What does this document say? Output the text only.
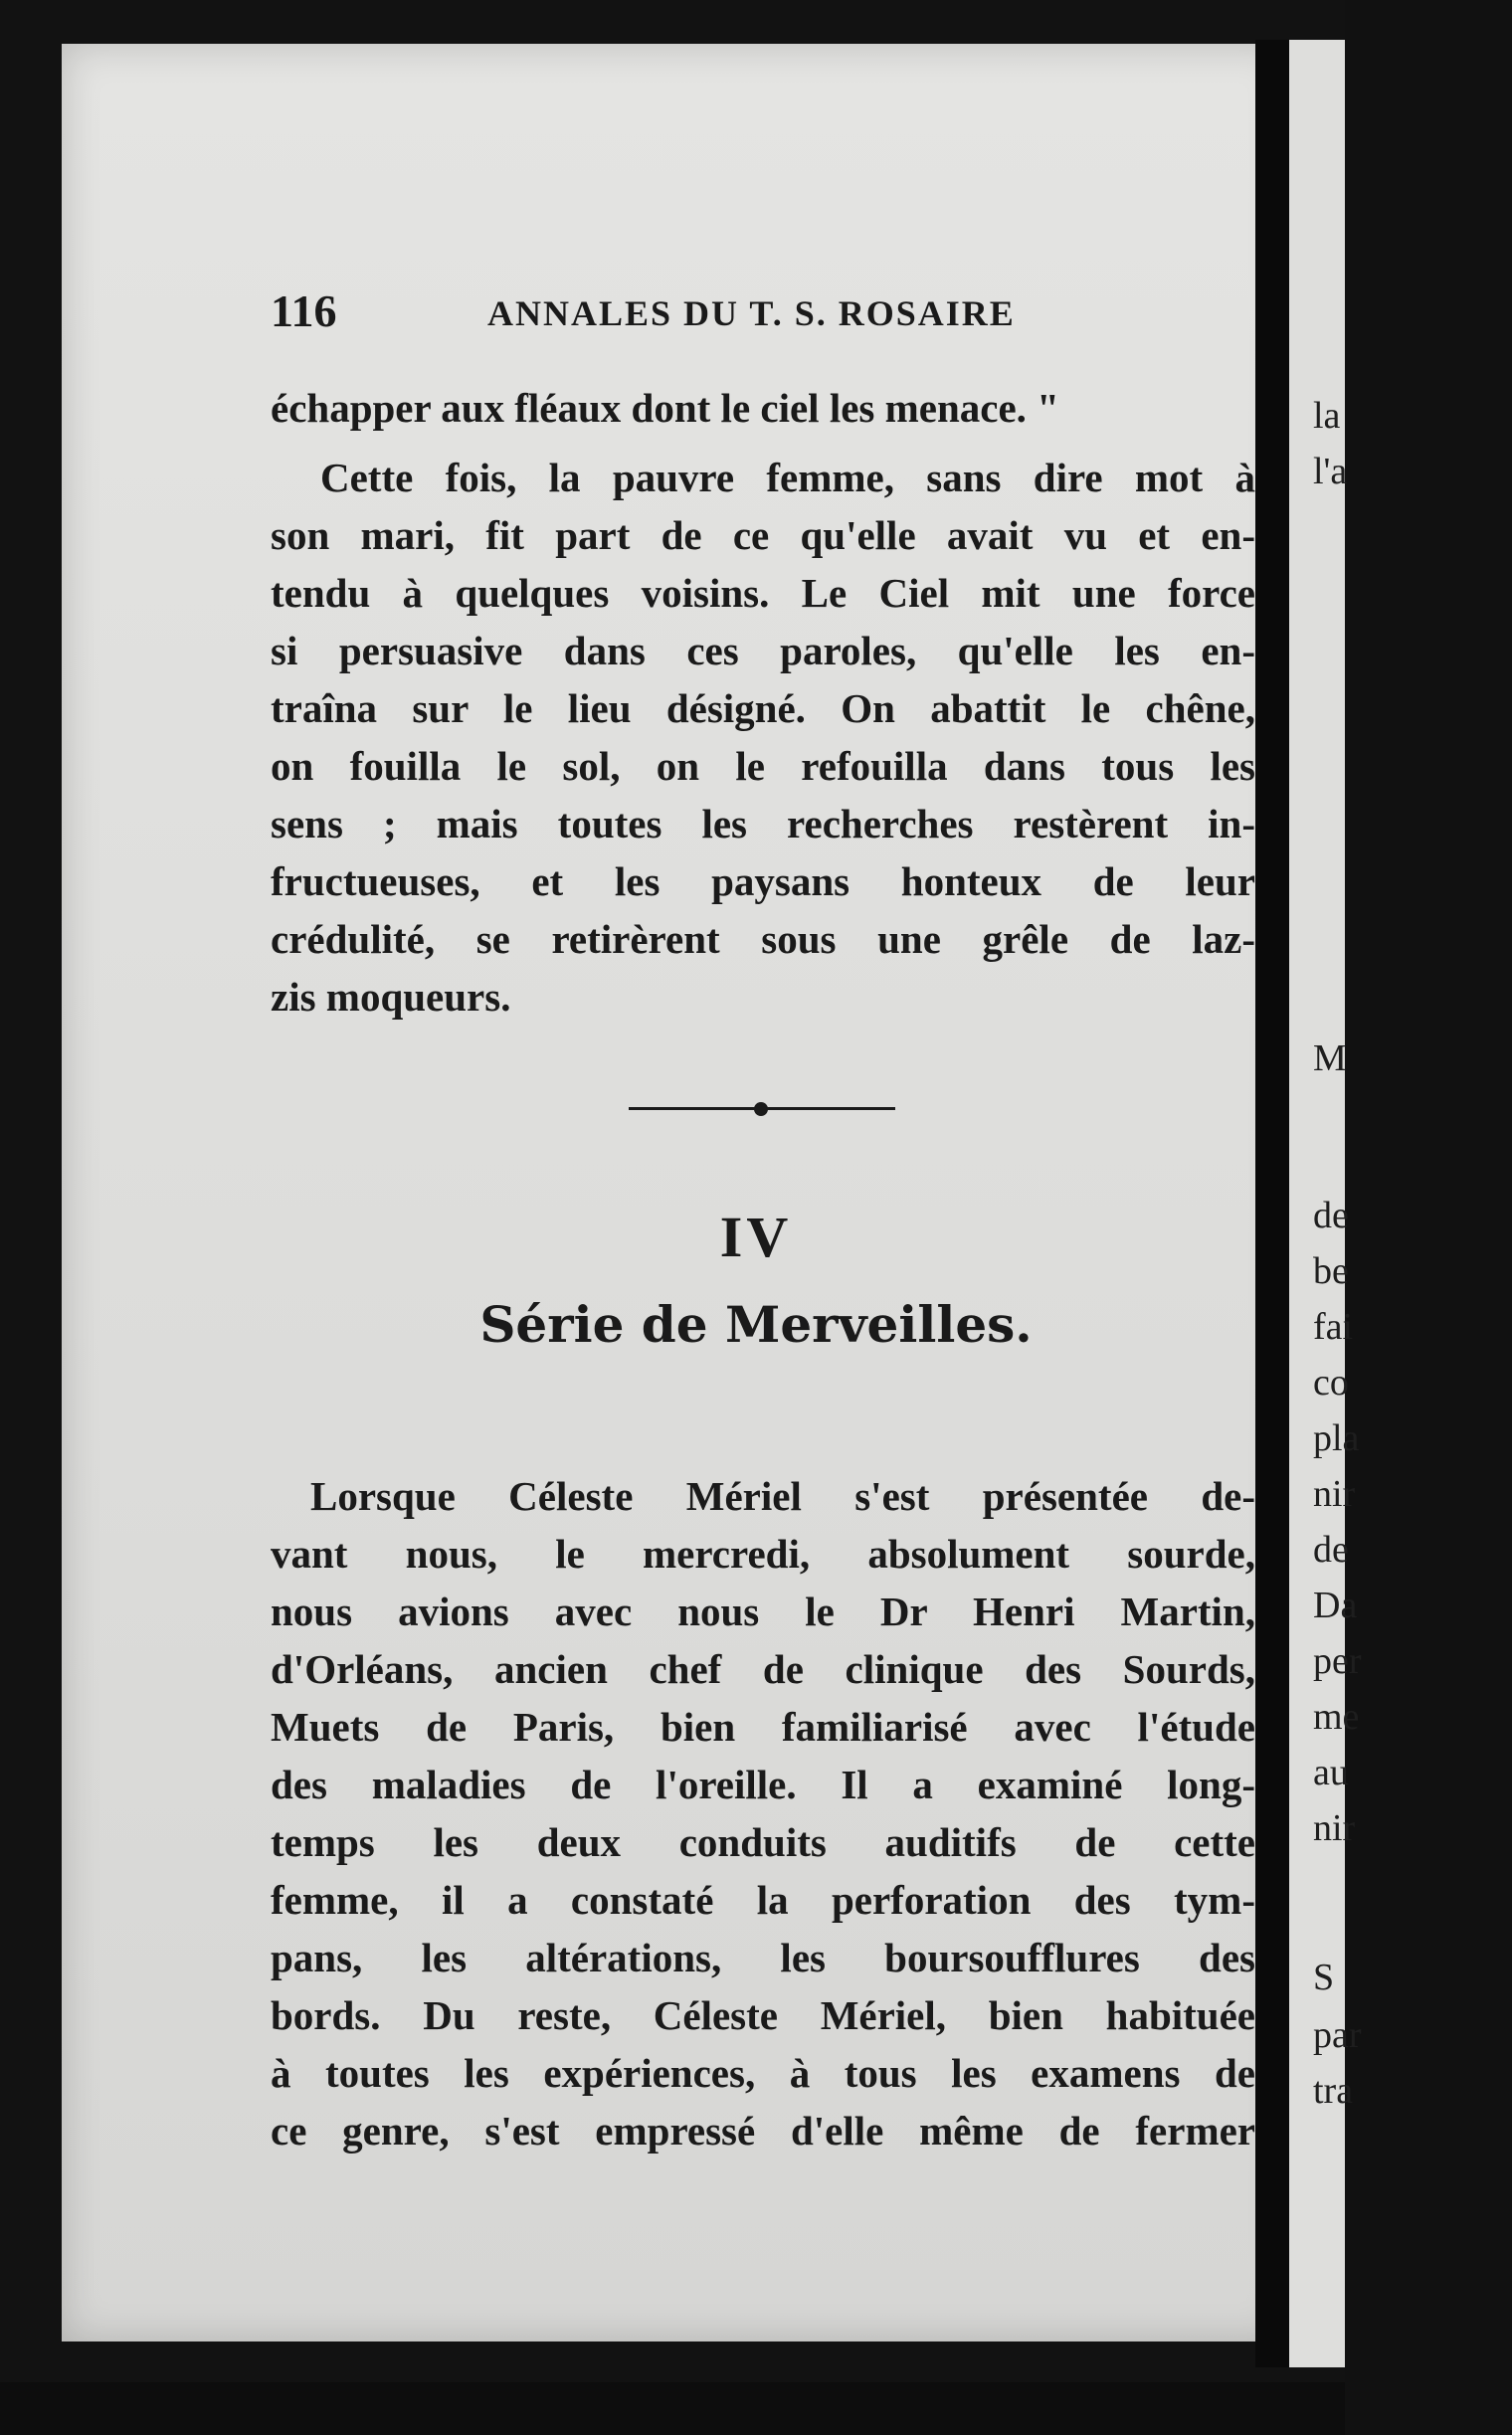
la
l'a
M
de
be
fai
co
pla
nir
de
Da
per
me
au
nir
S
par
tra
116	ANNALES DU T. S. ROSAIRE
échapper aux fléaux dont le ciel les menace. "
Cette fois, la pauvre femme, sans dire mot à
son mari, fit part de ce qu'elle avait vu et en-
tendu à quelques voisins. Le Ciel mit une force
si persuasive dans ces paroles, qu'elle les en-
traîna sur le lieu désigné. On abattit le chêne,
on fouilla le sol, on le refouilla dans tous les
sens ; mais toutes les recherches restèrent in-
fructueuses, et les paysans honteux de leur
crédulité, se retirèrent sous une grêle de laz-
zis moqueurs.
IV
Série de Merveilles.
Lorsque Céleste Mériel s'est présentée de-
vant nous, le mercredi, absolument sourde,
nous avions avec nous le Dr Henri Martin,
d'Orléans, ancien chef de clinique des Sourds,
Muets de Paris, bien familiarisé avec l'étude
des maladies de l'oreille. Il a examiné long-
temps les deux conduits auditifs de cette
femme, il a constaté la perforation des tym-
pans, les altérations, les boursoufflures des
bords. Du reste, Céleste Mériel, bien habituée
à toutes les expériences, à tous les examens de
ce genre, s'est empressé d'elle même de fermer
